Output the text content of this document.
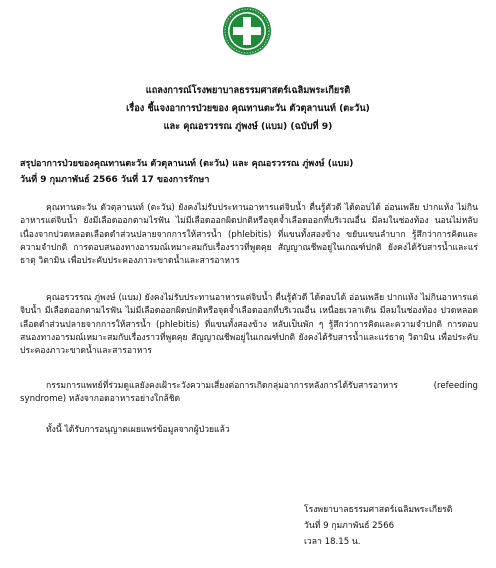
แถลงการณ์โรงพยาบาลธรรมศาสตร์เฉลิมพระเกียรติ
เรื่อง ชี้แจงอาการป่วยของ คุณทานตะวัน ตัวตุลานนท์ (ตะวัน)
และ คุณอรวรรณ ภู่พงษ์ (แบม) (ฉบับที่ 9)
สรุปอาการป่วยของคุณทานตะวัน ตัวตุลานนท์ (ตะวัน) และ คุณอรวรรณ ภู่พงษ์ (แบม)
วันที่ 9 กุมภาพันธ์ 2566 วันที่ 17 ของการรักษา

คุณทานตะวัน ตัวตุลานนท์ (ตะวัน) ยังคงไม่รับประทานอาหารแต่จิบน้ำ ตื่นรู้ตัวดี ได้ตอบได้ อ่อนเพลีย ปากแห้ง ไม่กินอาหารแต่จิบน้ำ ยังมีเลือดออกตามไรฟัน ไม่มีเลือดออกผิดปกติหรือจุดจ้ำเลือดออกที่บริเวณอื่น มีลมในช่องท้อง นอนไม่หลับเนื่องจากปวดหลอดเลือดดำส่วนปลายจากการให้สารน้ำ (phlebitis) ที่แขนทั้งสองข้าง ขยับแขนลำบาก รู้สึกว่าการคิดและความจำปกติ การตอบสนองทางอารมณ์เหมาะสมกับเรื่องราวที่พูดคุย สัญญาณชีพอยู่ในเกณฑ์ปกติ ยังคงได้รับสารน้ำและแร่ธาตุ วิตามิน เพื่อประคับประคองภาวะขาดน้ำและสารอาหาร

คุณอรวรรณ ภู่พงษ์ (แบม) ยังคงไม่รับประทานอาหารแต่จิบน้ำ ตื่นรู้ตัวดี ได้ตอบได้ อ่อนเพลีย ปากแห้ง ไม่กินอาหารแต่จิบน้ำ มีเลือดออกตามไรฟัน ไม่มีเลือดออกผิดปกติหรือจุดจ้ำเลือดออกที่บริเวณอื่น เหนื่อยเวลาเดิน มีลมในช่องท้อง ปวดหลอดเลือดดำส่วนปลายจากการให้สารน้ำ (phlebitis) ที่แขนทั้งสองข้าง หลับเป็นพัก ๆ รู้สึกว่าการคิดและความจำปกติ การตอบสนองทางอารมณ์เหมาะสมกับเรื่องราวที่พูดคุย สัญญาณชีพอยู่ในเกณฑ์ปกติ ยังคงได้รับสารน้ำและแร่ธาตุ วิตามิน เพื่อประคับประคองภาวะขาดน้ำและสารอาหาร

กรรมการแพทย์ที่ร่วมดูแลยังคงเฝ้าระวังความเสี่ยงต่อการเกิดกลุ่มอาการหลังการได้รับสารอาหาร (refeeding syndrome) หลังจากอดอาหารอย่างใกล้ชิด

ทั้งนี้ ได้รับการอนุญาตเผยแพร่ข้อมูลจากผู้ป่วยแล้ว

โรงพยาบาลธรรมศาสตร์เฉลิมพระเกียรติ
วันที่ 9 กุมภาพันธ์ 2566
เวลา 18.15 น.
